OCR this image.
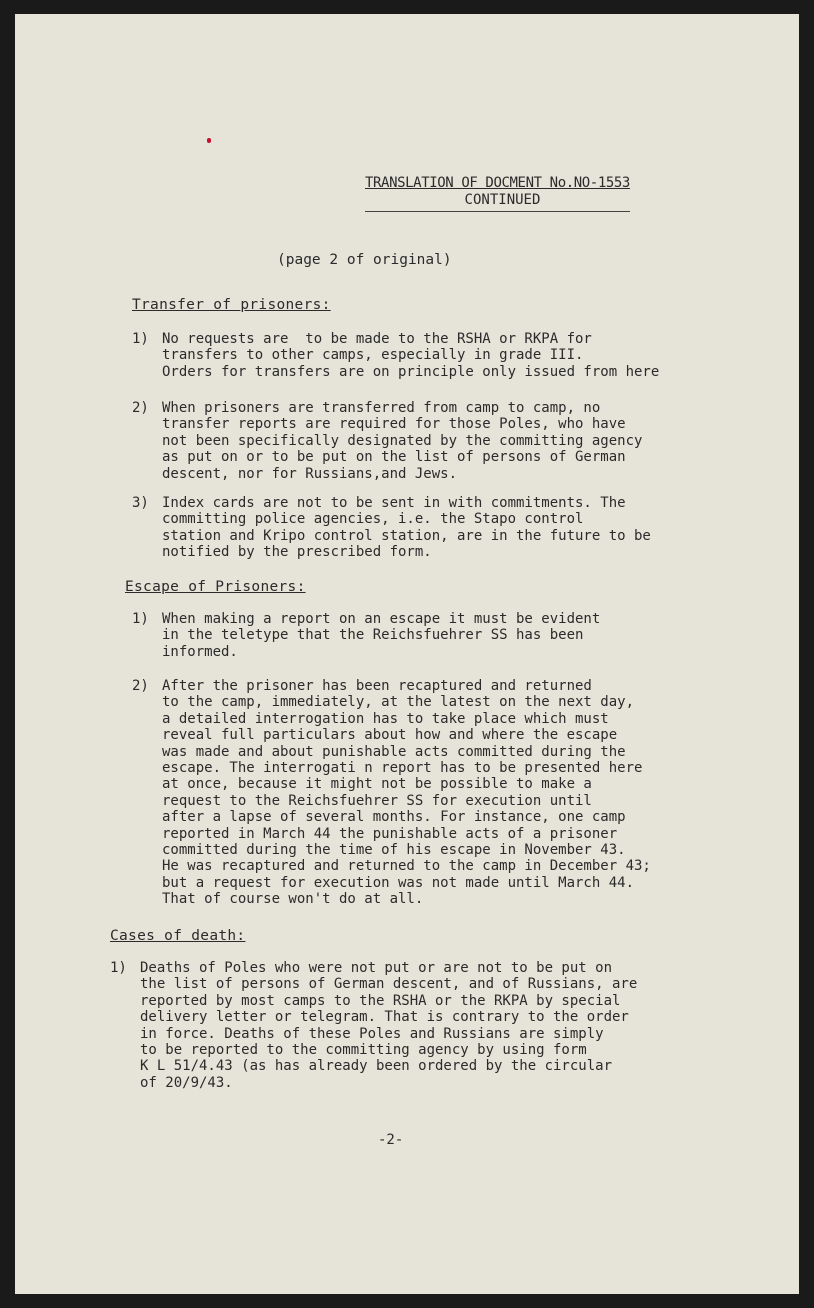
TRANSLATION OF DOCMENT No.NO-1553
CONTINUED
(page 2 of original)
Transfer of prisoners:
1) No requests are  to be made to the RSHA or RKPA for
transfers to other camps, especially in grade III.
Orders for transfers are on principle only issued from here
2) When prisoners are transferred from camp to camp, no
transfer reports are required for those Poles, who have
not been specifically designated by the committing agency
as put on or to be put on the list of persons of German
descent, nor for Russians,and Jews.
3) Index cards are not to be sent in with commitments. The
committing police agencies, i.e. the Stapo control
station and Kripo control station, are in the future to be
notified by the prescribed form.
Escape of Prisoners:
1) When making a report on an escape it must be evident
in the teletype that the Reichsfuehrer SS has been
informed.
2) After the prisoner has been recaptured and returned
to the camp, immediately, at the latest on the next day,
a detailed interrogation has to take place which must
reveal full particulars about how and where the escape
was made and about punishable acts committed during the
escape. The interrogati n report has to be presented here
at once, because it might not be possible to make a
request to the Reichsfuehrer SS for execution until
after a lapse of several months. For instance, one camp
reported in March 44 the punishable acts of a prisoner
committed during the time of his escape in November 43.
He was recaptured and returned to the camp in December 43;
but a request for execution was not made until March 44.
That of course won't do at all.
Cases of death:
1) Deaths of Poles who were not put or are not to be put on
the list of persons of German descent, and of Russians, are
reported by most camps to the RSHA or the RKPA by special
delivery letter or telegram. That is contrary to the order
in force. Deaths of these Poles and Russians are simply
to be reported to the committing agency by using form
K L 51/4.43 (as has already been ordered by the circular
of 20/9/43.
-2-
